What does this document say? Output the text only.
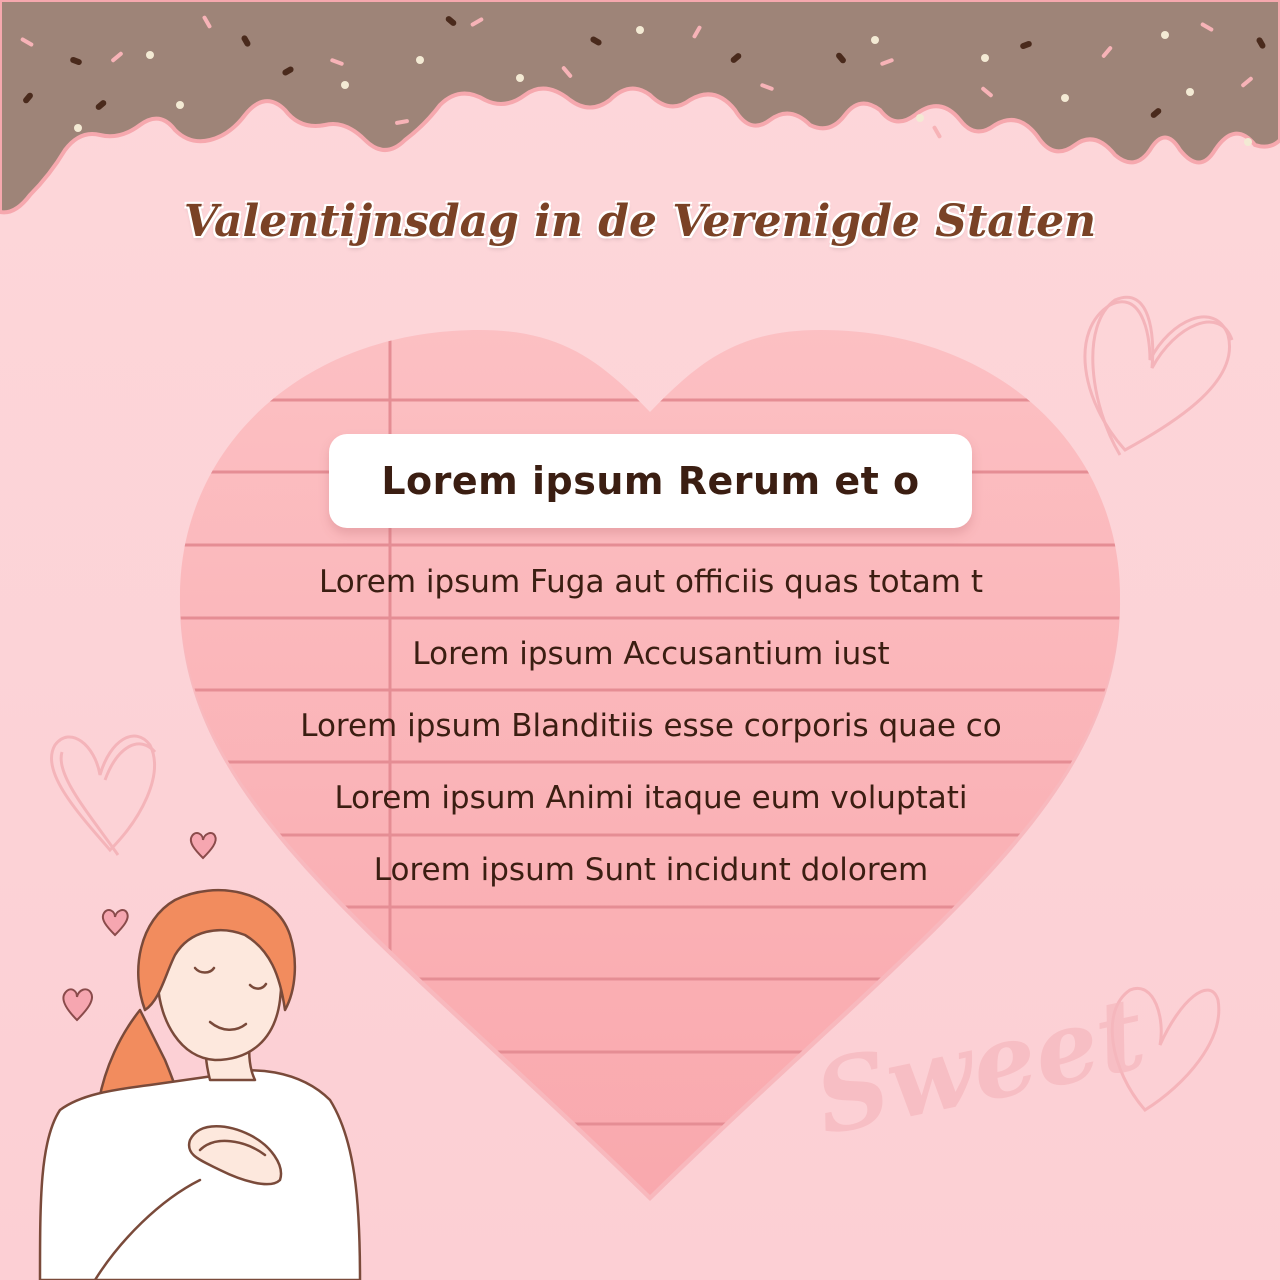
Valentijnsdag in de Verenigde Staten
Sweet
Lorem ipsum Rerum et o
Lorem ipsum Fuga aut officiis quas totam t
Lorem ipsum Accusantium iust
Lorem ipsum Blanditiis esse corporis quae co
Lorem ipsum Animi itaque eum voluptati
Lorem ipsum Sunt incidunt dolorem
